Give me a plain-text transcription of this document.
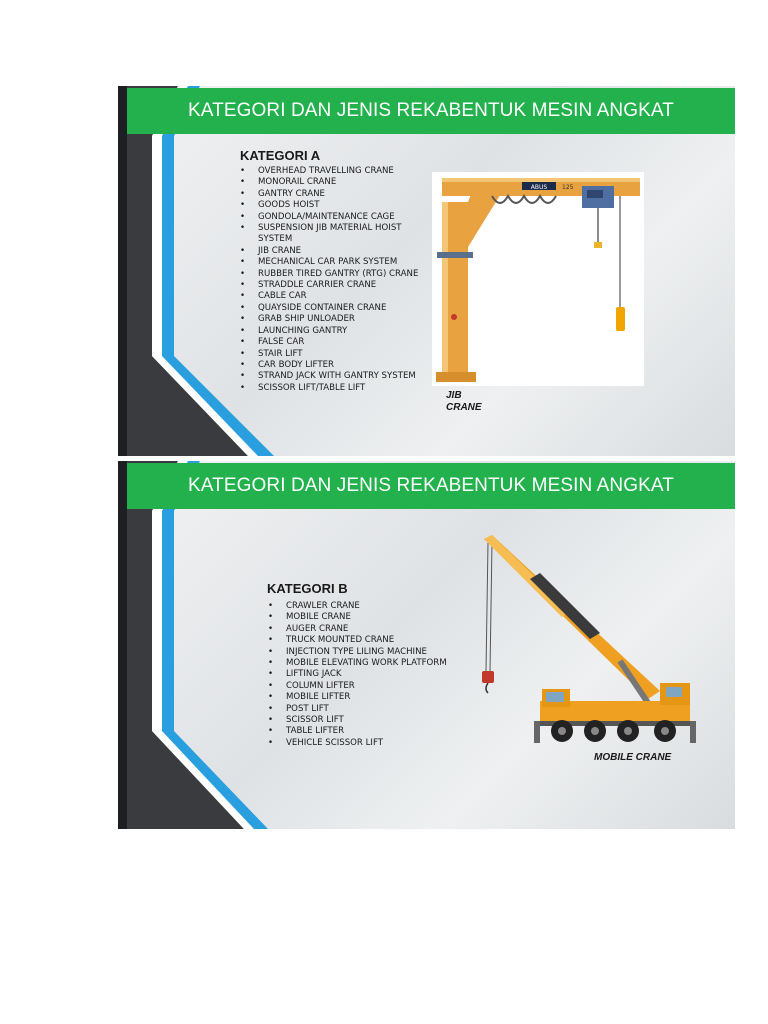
KATEGORI DAN JENIS REKABENTUK MESIN ANGKAT
KATEGORI A
• OVERHEAD TRAVELLING CRANE
• MONORAIL CRANE
• GANTRY CRANE
• GOODS HOIST
• GONDOLA/MAINTENANCE CAGE
• SUSPENSION JIB MATERIAL HOIST SYSTEM
• JIB CRANE
• MECHANICAL CAR PARK SYSTEM
• RUBBER TIRED GANTRY (RTG) CRANE
• STRADDLE CARRIER CRANE
• CABLE CAR
• QUAYSIDE CONTAINER CRANE
• GRAB SHIP UNLOADER
• LAUNCHING GANTRY
• FALSE CAR
• STAIR LIFT
• CAR BODY LIFTER
• STRAND JACK WITH GANTRY SYSTEM
• SCISSOR LIFT/TABLE LIFT
ABUS 125
JIB
CRANE
KATEGORI DAN JENIS REKABENTUK MESIN ANGKAT
KATEGORI B
• CRAWLER CRANE
• MOBILE CRANE
• AUGER CRANE
• TRUCK MOUNTED CRANE
• INJECTION TYPE LILING MACHINE
• MOBILE ELEVATING WORK PLATFORM
• LIFTING JACK
• COLUMN LIFTER
• MOBILE LIFTER
• POST LIFT
• SCISSOR LIFT
• TABLE LIFTER
• VEHICLE SCISSOR LIFT
MOBILE CRANE
